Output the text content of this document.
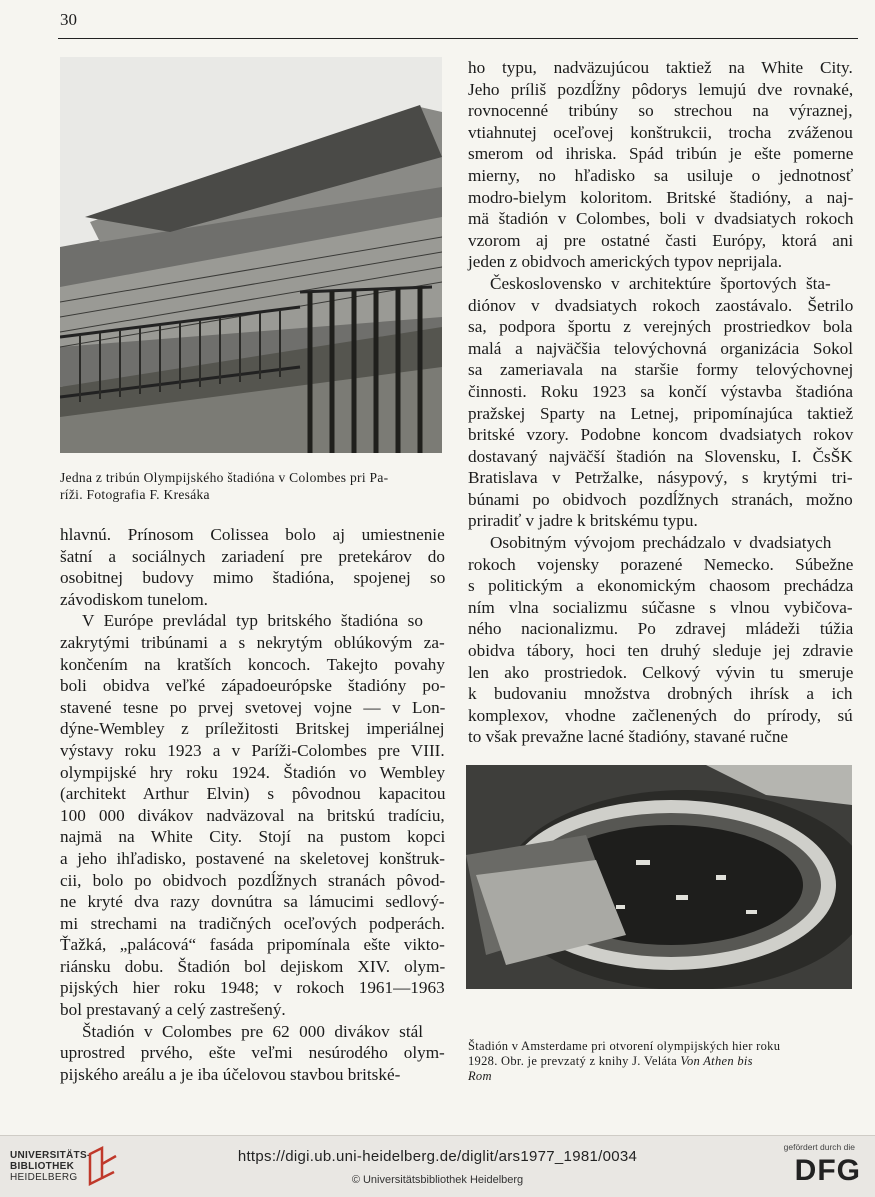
30
Jedna z tribún Olympijského štadióna v Colombes pri Pa-
ríži. Fotografia F. Kresáka
hlavnú. Prínosom Colissea bolo aj umiestnenie
šatní a sociálnych zariadení pre pretekárov do
osobitnej budovy mimo štadióna, spojenej so
závodiskom tunelom.
V Európe prevládal typ britského štadióna so
zakrytými tribúnami a s nekrytým oblúkovým za-
končením na kratších koncoch. Takejto povahy
boli obidva veľké západoeurópske štadióny po-
stavené tesne po prvej svetovej vojne — v Lon-
dýne-Wembley z príležitosti Britskej imperiálnej
výstavy roku 1923 a v Paríži-Colombes pre VIII.
olympijské hry roku 1924. Štadión vo Wembley
(architekt Arthur Elvin) s pôvodnou kapacitou
100 000 divákov nadväzoval na britskú tradíciu,
najmä na White City. Stojí na pustom kopci
a jeho ihľadisko, postavené na skeletovej konštruk-
cii, bolo po obidvoch pozdĺžnych stranách pôvod-
ne kryté dva razy dovnútra sa lámucimi sedlový-
mi strechami na tradičných oceľových podperách.
Ťažká, „palácová“ fasáda pripomínala ešte vikto-
riánsku dobu. Štadión bol dejiskom XIV. olym-
pijských hier roku 1948; v rokoch 1961—1963
bol prestavaný a celý zastrešený.
Štadión v Colombes pre 62 000 divákov stál
uprostred prvého, ešte veľmi nesúrodého olym-
pijského areálu a je iba účelovou stavbou britské-
ho typu, nadväzujúcou taktiež na White City.
Jeho príliš pozdĺžny pôdorys lemujú dve rovnaké,
rovnocenné tribúny so strechou na výraznej,
vtiahnutej oceľovej konštrukcii, trocha zváženou
smerom od ihriska. Spád tribún je ešte pomerne
mierny, no hľadisko sa usiluje o jednotnosť
modro-bielym koloritom. Britské štadióny, a naj-
mä štadión v Colombes, boli v dvadsiatych rokoch
vzorom aj pre ostatné časti Európy, ktorá ani
jeden z obidvoch amerických typov neprijala.
Československo v architektúre športových šta-
diónov v dvadsiatych rokoch zaostávalo. Šetrilo
sa, podpora športu z verejných prostriedkov bola
malá a najväčšia telovýchovná organizácia Sokol
sa zameriavala na staršie formy telovýchovnej
činnosti. Roku 1923 sa končí výstavba štadióna
pražskej Sparty na Letnej, pripomínajúca taktiež
britské vzory. Podobne koncom dvadsiatych rokov
dostavaný najväčší štadión na Slovensku, I. ČsŠK
Bratislava v Petržalke, násypový, s krytými tri-
búnami po obidvoch pozdĺžnych stranách, možno
priradiť v jadre k britskému typu.
Osobitným vývojom prechádzalo v dvadsiatych
rokoch vojensky porazené Nemecko. Súbežne
s politickým a ekonomickým chaosom prechádza
ním vlna socializmu súčasne s vlnou vybičova-
ného nacionalizmu. Po zdravej mládeži túžia
obidva tábory, hoci ten druhý sleduje jej zdravie
len ako prostriedok. Celkový vývin tu smeruje
k budovaniu množstva drobných ihrísk a ich
komplexov, vhodne začlenených do prírody, sú
to však prevažne lacné štadióny, stavané ručne
Štadión v Amsterdame pri otvorení olympijských hier roku
1928. Obr. je prevzatý z knihy J. Veláta Von Athen bis
Rom
UNIVERSITÄTS-
BIBLIOTHEK
HEIDELBERG
https://digi.ub.uni-heidelberg.de/diglit/ars1977_1981/0034
© Universitätsbibliothek Heidelberg
gefördert durch die
DFG
